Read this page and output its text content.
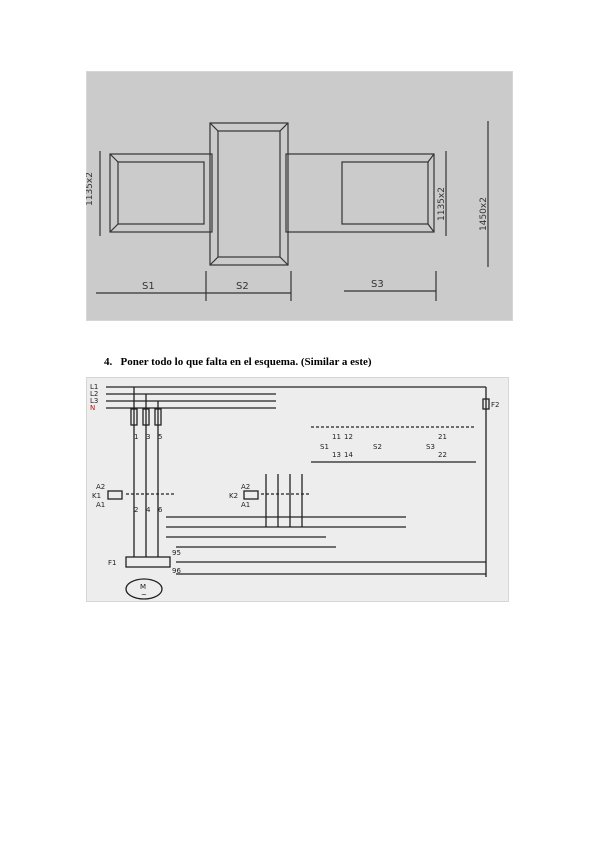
1135x2	1135x2	1450x2
S1	S2	S3
4. Poner todo lo que falta en el esquema. (Similar a este)
L1
L2
L3
N	F2
K1
A2
A1
K2
A2
A1
F1
S1	S2	S3
1 3 5
2 4 6
11 12
13 14
95
96
21
22
M
~
